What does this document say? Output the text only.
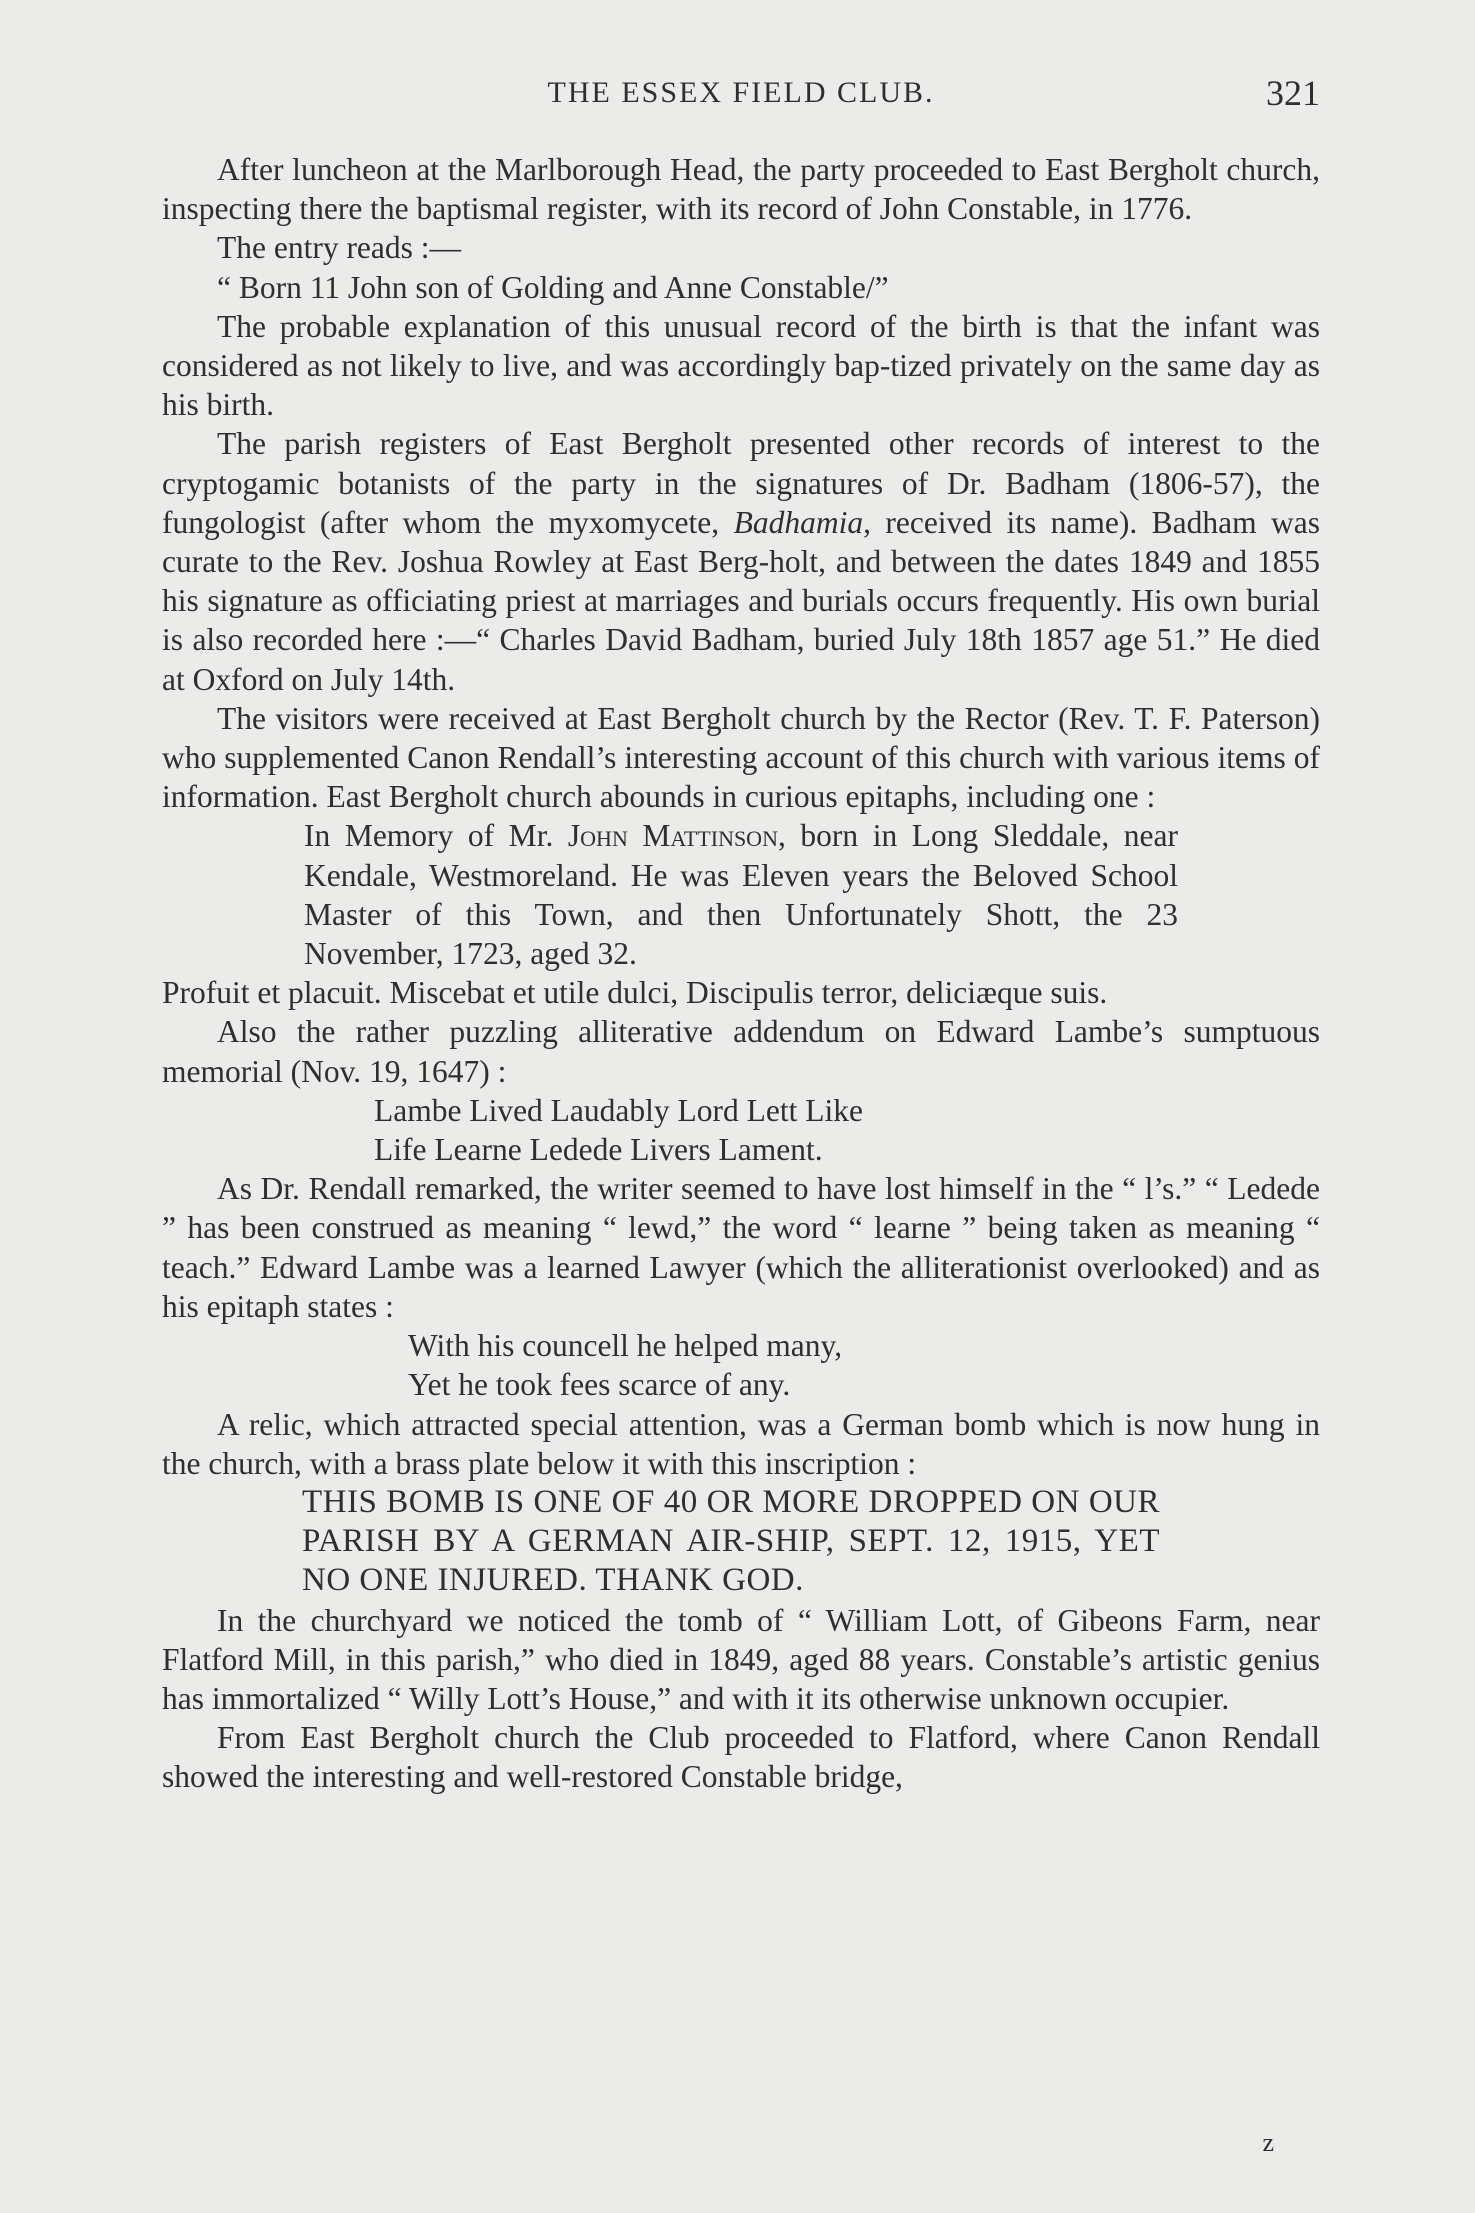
THE ESSEX FIELD CLUB.	321

After luncheon at the Marlborough Head, the party proceeded to East Bergholt church, inspecting there the baptismal register, with its record of John Constable, in 1776.

The entry reads :—

“ Born 11 John son of Golding and Anne Constable/”

The probable explanation of this unusual record of the birth is that the infant was considered as not likely to live, and was accordingly bap-tized privately on the same day as his birth.

The parish registers of East Bergholt presented other records of interest to the cryptogamic botanists of the party in the signatures of Dr. Badham (1806-57), the fungologist (after whom the myxomycete, Badhamia, received its name). Badham was curate to the Rev. Joshua Rowley at East Berg-holt, and between the dates 1849 and 1855 his signature as officiating priest at marriages and burials occurs frequently. His own burial is also recorded here :—“ Charles David Badham, buried July 18th 1857 age 51.” He died at Oxford on July 14th.

The visitors were received at East Bergholt church by the Rector (Rev. T. F. Paterson) who supplemented Canon Rendall’s interesting account of this church with various items of information. East Bergholt church abounds in curious epitaphs, including one :

In Memory of Mr. John Mattinson, born in Long Sleddale, near Kendale, Westmoreland. He was Eleven years the Beloved School Master of this Town, and then Unfortunately Shott, the 23 November, 1723, aged 32.

Profuit et placuit. Miscebat et utile dulci, Discipulis terror, deliciæque suis.

Also the rather puzzling alliterative addendum on Edward Lambe’s sumptuous memorial (Nov. 19, 1647) :

Lambe Lived Laudably Lord Lett Like
Life Learne Ledede Livers Lament.

As Dr. Rendall remarked, the writer seemed to have lost himself in the “ l’s.” “ Ledede ” has been construed as meaning “ lewd,” the word “ learne ” being taken as meaning “ teach.” Edward Lambe was a learned Lawyer (which the alliterationist overlooked) and as his epitaph states :

With his councell he helped many,
Yet he took fees scarce of any.

A relic, which attracted special attention, was a German bomb which is now hung in the church, with a brass plate below it with this inscription :

THIS BOMB IS ONE OF 40 OR MORE DROPPED ON OUR PARISH BY A GERMAN AIR-SHIP, SEPT. 12, 1915, YET NO ONE INJURED. THANK GOD.

In the churchyard we noticed the tomb of “ William Lott, of Gibeons Farm, near Flatford Mill, in this parish,” who died in 1849, aged 88 years. Constable’s artistic genius has immortalized “ Willy Lott’s House,” and with it its otherwise unknown occupier.

From East Bergholt church the Club proceeded to Flatford, where Canon Rendall showed the interesting and well-restored Constable bridge,

z
